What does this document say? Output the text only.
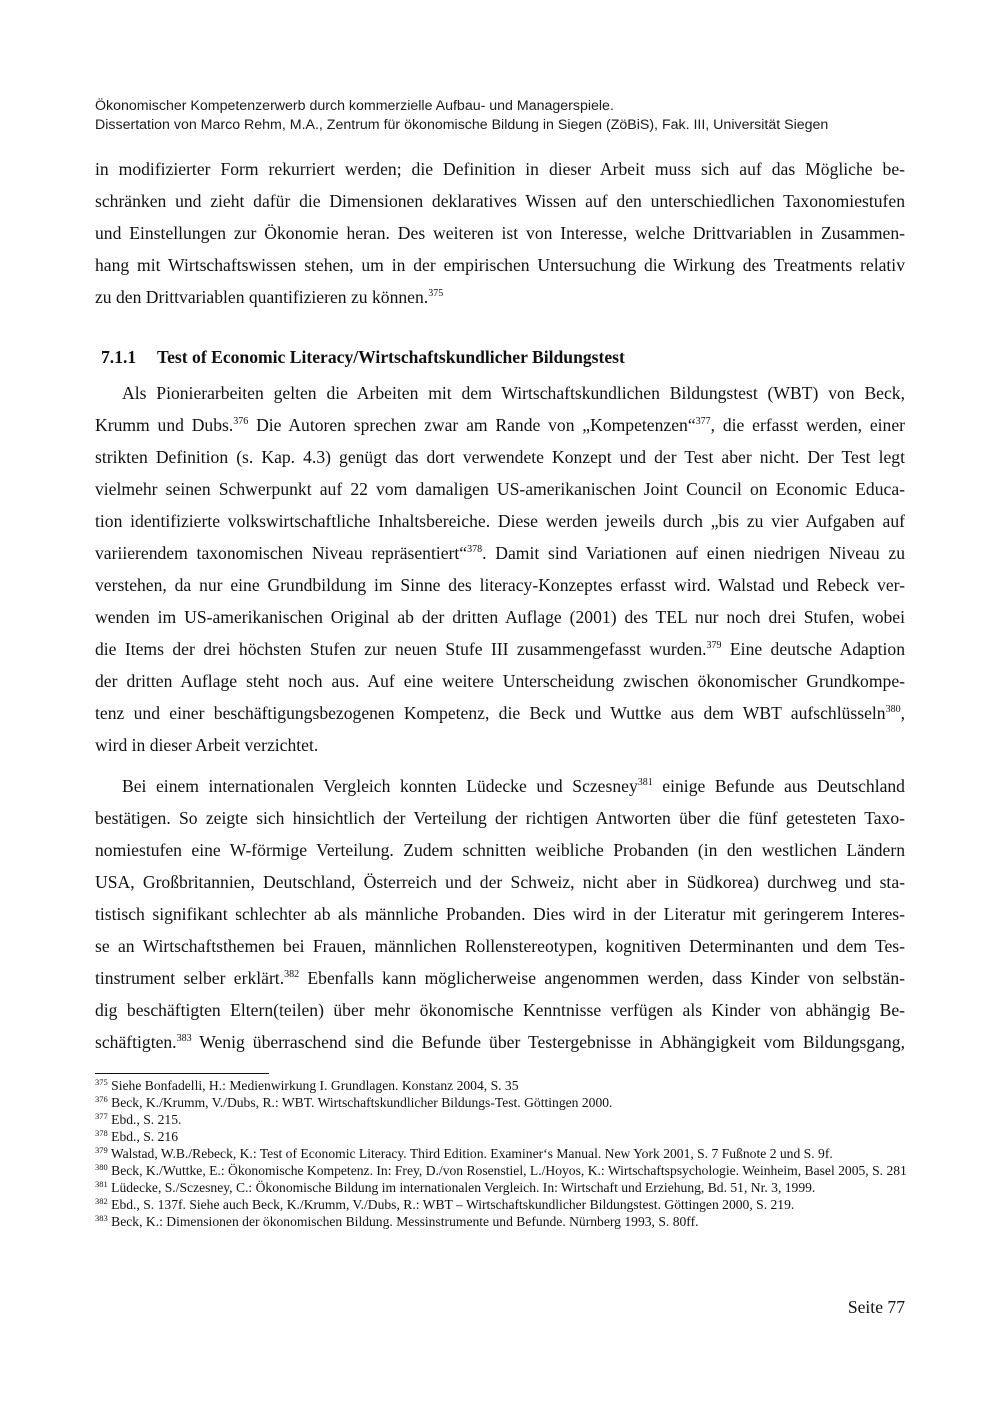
Ökonomischer Kompetenzerwerb durch kommerzielle Aufbau- und Managerspiele.
Dissertation von Marco Rehm, M.A., Zentrum für ökonomische Bildung in Siegen (ZöBiS), Fak. III, Universität Siegen
in modifizierter Form rekurriert werden; die Definition in dieser Arbeit muss sich auf das Mögliche be-
schränken und zieht dafür die Dimensionen deklaratives Wissen auf den unterschiedlichen Taxonomiestufen
und Einstellungen zur Ökonomie heran. Des weiteren ist von Interesse, welche Drittvariablen in Zusammen-
hang mit Wirtschaftswissen stehen, um in der empirischen Untersuchung die Wirkung des Treatments relativ
zu den Drittvariablen quantifizieren zu können.$^{375}$
7.1.1 Test of Economic Literacy/Wirtschaftskundlicher Bildungstest
Als Pionierarbeiten gelten die Arbeiten mit dem Wirtschaftskundlichen Bildungstest (WBT) von Beck,
Krumm und Dubs.$^{376}$ Die Autoren sprechen zwar am Rande von „Kompetenzen“$^{377}$, die erfasst werden, einer
strikten Definition (s. Kap. 4.3) genügt das dort verwendete Konzept und der Test aber nicht. Der Test legt
vielmehr seinen Schwerpunkt auf 22 vom damaligen US-amerikanischen Joint Council on Economic Educa-
tion identifizierte volkswirtschaftliche Inhaltsbereiche. Diese werden jeweils durch „bis zu vier Aufgaben auf
variierendem taxonomischen Niveau repräsentiert“$^{378}$. Damit sind Variationen auf einen niedrigen Niveau zu
verstehen, da nur eine Grundbildung im Sinne des literacy-Konzeptes erfasst wird. Walstad und Rebeck ver-
wenden im US-amerikanischen Original ab der dritten Auflage (2001) des TEL nur noch drei Stufen, wobei
die Items der drei höchsten Stufen zur neuen Stufe III zusammengefasst wurden.$^{379}$ Eine deutsche Adaption
der dritten Auflage steht noch aus. Auf eine weitere Unterscheidung zwischen ökonomischer Grundkompe-
tenz und einer beschäftigungsbezogenen Kompetenz, die Beck und Wuttke aus dem WBT aufschlüsseln$^{380}$,
wird in dieser Arbeit verzichtet.
Bei einem internationalen Vergleich konnten Lüdecke und Sczesney$^{381}$ einige Befunde aus Deutschland
bestätigen. So zeigte sich hinsichtlich der Verteilung der richtigen Antworten über die fünf getesteten Taxo-
nomiestufen eine W-förmige Verteilung. Zudem schnitten weibliche Probanden (in den westlichen Ländern
USA, Großbritannien, Deutschland, Österreich und der Schweiz, nicht aber in Südkorea) durchweg und sta-
tistisch signifikant schlechter ab als männliche Probanden. Dies wird in der Literatur mit geringerem Interes-
se an Wirtschaftsthemen bei Frauen, männlichen Rollenstereotypen, kognitiven Determinanten und dem Tes-
tinstrument selber erklärt.$^{382}$ Ebenfalls kann möglicherweise angenommen werden, dass Kinder von selbstän-
dig beschäftigten Eltern(teilen) über mehr ökonomische Kenntnisse verfügen als Kinder von abhängig Be-
schäftigten.$^{383}$ Wenig überraschend sind die Befunde über Testergebnisse in Abhängigkeit vom Bildungsgang,
$^{375}$ Siehe Bonfadelli, H.: Medienwirkung I. Grundlagen. Konstanz 2004, S. 35
$^{376}$ Beck, K./Krumm, V./Dubs, R.: WBT. Wirtschaftskundlicher Bildungs-Test. Göttingen 2000.
$^{377}$ Ebd., S. 215.
$^{378}$ Ebd., S. 216
$^{379}$ Walstad, W.B./Rebeck, K.: Test of Economic Literacy. Third Edition. Examiner‘s Manual. New York 2001, S. 7 Fußnote 2 und S. 9f.
$^{380}$ Beck, K./Wuttke, E.: Ökonomische Kompetenz. In: Frey, D./von Rosenstiel, L./Hoyos, K.: Wirtschaftspsychologie. Weinheim, Basel 2005, S. 281
$^{381}$ Lüdecke, S./Sczesney, C.: Ökonomische Bildung im internationalen Vergleich. In: Wirtschaft und Erziehung, Bd. 51, Nr. 3, 1999.
$^{382}$ Ebd., S. 137f. Siehe auch Beck, K./Krumm, V./Dubs, R.: WBT – Wirtschaftskundlicher Bildungstest. Göttingen 2000, S. 219.
$^{383}$ Beck, K.: Dimensionen der ökonomischen Bildung. Messinstrumente und Befunde. Nürnberg 1993, S. 80ff.
Seite 77
